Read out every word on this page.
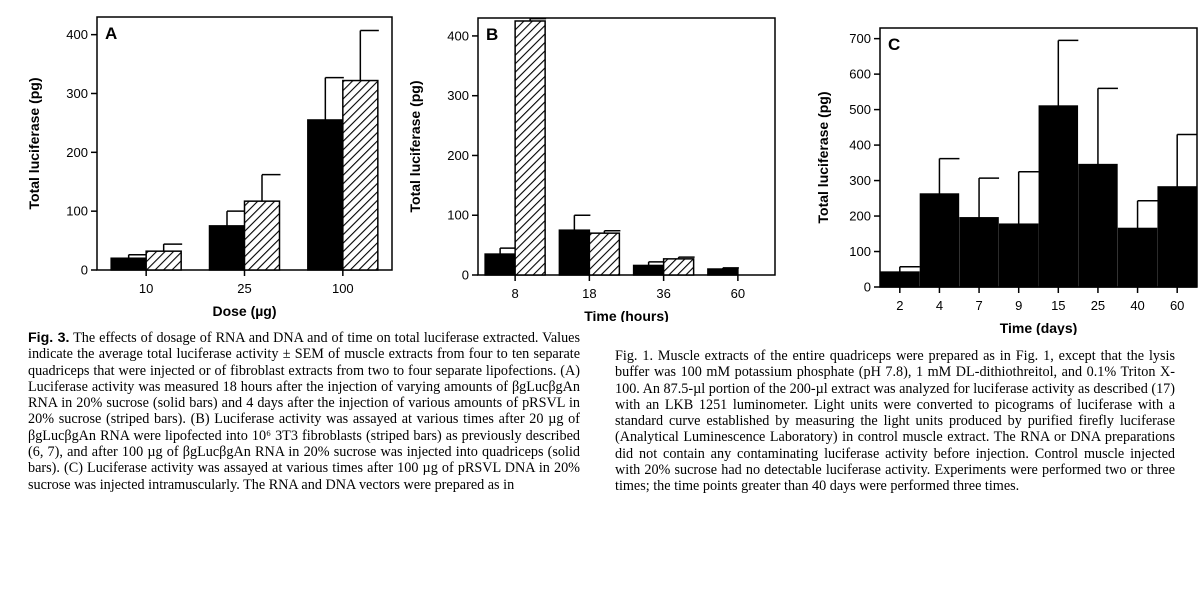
A
0
100
200
300
400
Total luciferase (pg)
10	25	100
Dose (µg)
B
0
100
200
300
400
Total luciferase (pg)
8	18	36	60
Time (hours)
C
0
100
200
300
400
500
600
700
Total luciferase (pg)
2 4 7 9 15 25 40 60
Time (days)

Fig. 3. The effects of dosage of RNA and DNA and of time on total luciferase extracted. Values indicate the average total luciferase activity ± SEM of muscle extracts from four to ten separate quadriceps that were injected or of fibroblast extracts from two to four separate lipofections. (A) Luciferase activity was measured 18 hours after the injection of varying amounts of βgLucβgAn RNA in 20% sucrose (solid bars) and 4 days after the injection of various amounts of pRSVL in 20% sucrose (striped bars). (B) Luciferase activity was assayed at various times after 20 µg of βgLucβgAn RNA were lipofected into 10⁶ 3T3 fibroblasts (striped bars) as previously described (6, 7), and after 100 µg of βgLucβgAn RNA in 20% sucrose was injected into quadriceps (solid bars). (C) Luciferase activity was assayed at various times after 100 µg of pRSVL DNA in 20% sucrose was injected intramuscularly. The RNA and DNA vectors were prepared as in

Fig. 1. Muscle extracts of the entire quadriceps were prepared as in Fig. 1, except that the lysis buffer was 100 mM potassium phosphate (pH 7.8), 1 mM DL-dithiothreitol, and 0.1% Triton X-100. An 87.5-µl portion of the 200-µl extract was analyzed for luciferase activity as described (17) with an LKB 1251 luminometer. Light units were converted to picograms of luciferase with a standard curve established by measuring the light units produced by purified firefly luciferase (Analytical Luminescence Laboratory) in control muscle extract. The RNA or DNA preparations did not contain any contaminating luciferase activity before injection. Control muscle injected with 20% sucrose had no detectable luciferase activity. Experiments were performed two or three times; the time points greater than 40 days were performed three times.
